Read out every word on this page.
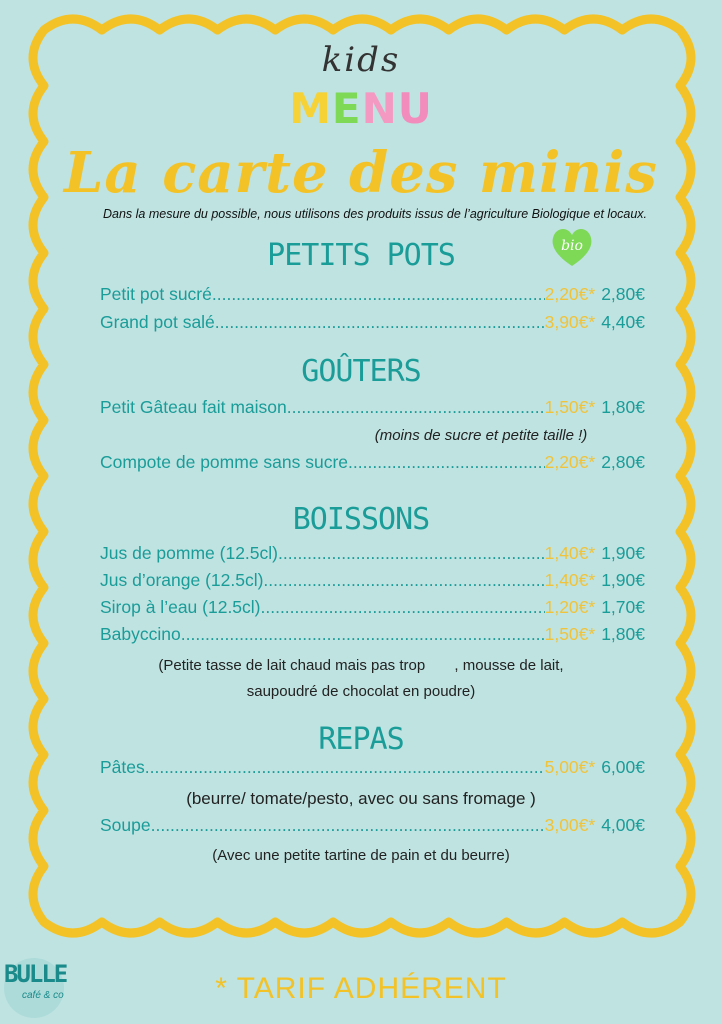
kids
MENU
La carte des minis
Dans la mesure du possible, nous utilisons des produits issus de l’agriculture Biologique et locaux.
bio
PETITS POTS
Petit pot sucré .....	2,20€* 2,80€
Grand pot salé .....	3,90€* 4,40€
GOÛTERS
Petit Gâteau fait maison .....	1,50€* 1,80€
(moins de sucre et petite taille !)
Compote de pomme sans sucre .....	2,20€* 2,80€
BOISSONS
Jus de pomme (12.5cl) .....	1,40€* 1,90€
Jus d’orange (12.5cl) .....	1,40€* 1,90€
Sirop à l’eau (12.5cl) .....	1,20€* 1,70€
Babyccino .....	1,50€* 1,80€
(Petite tasse de lait chaud mais pas trop       , mousse de lait,
saupoudré de chocolat en poudre)
REPAS
Pâtes .....	5,00€* 6,00€
(beurre/ tomate/pesto, avec ou sans fromage )
Soupe .....	3,00€* 4,00€
(Avec une petite tartine de pain et du beurre)
BULLE
café & co	* TARIF ADHÉRENT
